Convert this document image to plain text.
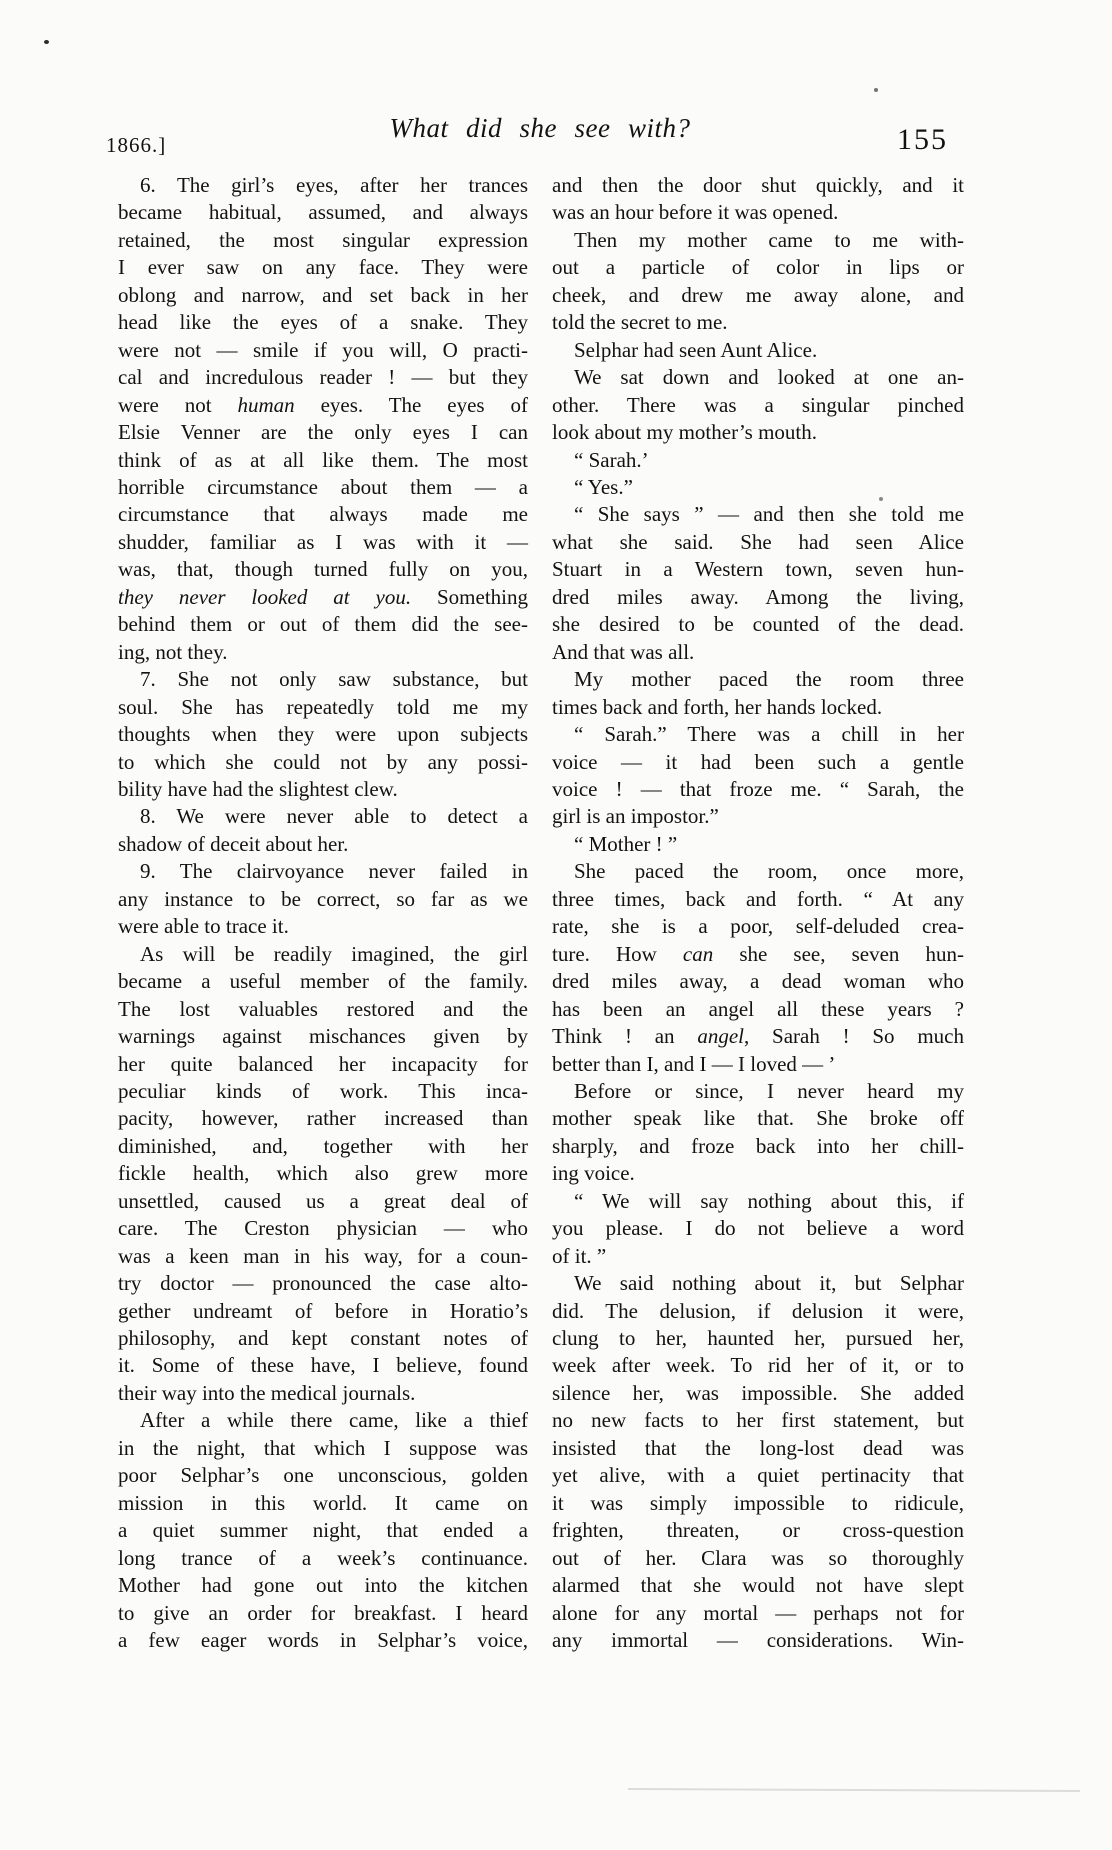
1866.]
What did she see with?	155
6. The girl’s eyes, after her trances
became habitual, assumed, and always
retained, the most singular expression
I ever saw on any face. They were
oblong and narrow, and set back in her
head like the eyes of a snake. They
were not — smile if you will, O practi-
cal and incredulous reader ! — but they
were not human eyes. The eyes of
Elsie Venner are the only eyes I can
think of as at all like them. The most
horrible circumstance about them — a
circumstance that always made me
shudder, familiar as I was with it —
was, that, though turned fully on you,
they never looked at you. Something
behind them or out of them did the see-
ing, not they.
7. She not only saw substance, but
soul. She has repeatedly told me my
thoughts when they were upon subjects
to which she could not by any possi-
bility have had the slightest clew.
8. We were never able to detect a
shadow of deceit about her.
9. The clairvoyance never failed in
any instance to be correct, so far as we
were able to trace it.
As will be readily imagined, the girl
became a useful member of the family.
The lost valuables restored and the
warnings against mischances given by
her quite balanced her incapacity for
peculiar kinds of work. This inca-
pacity, however, rather increased than
diminished, and, together with her
fickle health, which also grew more
unsettled, caused us a great deal of
care. The Creston physician — who
was a keen man in his way, for a coun-
try doctor — pronounced the case alto-
gether undreamt of before in Horatio’s
philosophy, and kept constant notes of
it. Some of these have, I believe, found
their way into the medical journals.
After a while there came, like a thief
in the night, that which I suppose was
poor Selphar’s one unconscious, golden
mission in this world. It came on
a quiet summer night, that ended a
long trance of a week’s continuance.
Mother had gone out into the kitchen
to give an order for breakfast. I heard
a few eager words in Selphar’s voice,
and then the door shut quickly, and it
was an hour before it was opened.
Then my mother came to me with-
out a particle of color in lips or
cheek, and drew me away alone, and
told the secret to me.
Selphar had seen Aunt Alice.
We sat down and looked at one an-
other. There was a singular pinched
look about my mother’s mouth.
“ Sarah.’
“ Yes.”
“ She says ” — and then she told me
what she said. She had seen Alice
Stuart in a Western town, seven hun-
dred miles away. Among the living,
she desired to be counted of the dead.
And that was all.
My mother paced the room three
times back and forth, her hands locked.
“ Sarah.” There was a chill in her
voice — it had been such a gentle
voice ! — that froze me. “ Sarah, the
girl is an impostor.”
“ Mother ! ”
She paced the room, once more,
three times, back and forth. “ At any
rate, she is a poor, self-deluded crea-
ture. How can she see, seven hun-
dred miles away, a dead woman who
has been an angel all these years ?
Think ! an angel, Sarah ! So much
better than I, and I — I loved — ’
Before or since, I never heard my
mother speak like that. She broke off
sharply, and froze back into her chill-
ing voice.
“ We will say nothing about this, if
you please. I do not believe a word
of it. ”
We said nothing about it, but Selphar
did. The delusion, if delusion it were,
clung to her, haunted her, pursued her,
week after week. To rid her of it, or to
silence her, was impossible. She added
no new facts to her first statement, but
insisted that the long-lost dead was
yet alive, with a quiet pertinacity that
it was simply impossible to ridicule,
frighten, threaten, or cross-question
out of her. Clara was so thoroughly
alarmed that she would not have slept
alone for any mortal — perhaps not for
any immortal — considerations. Win-
